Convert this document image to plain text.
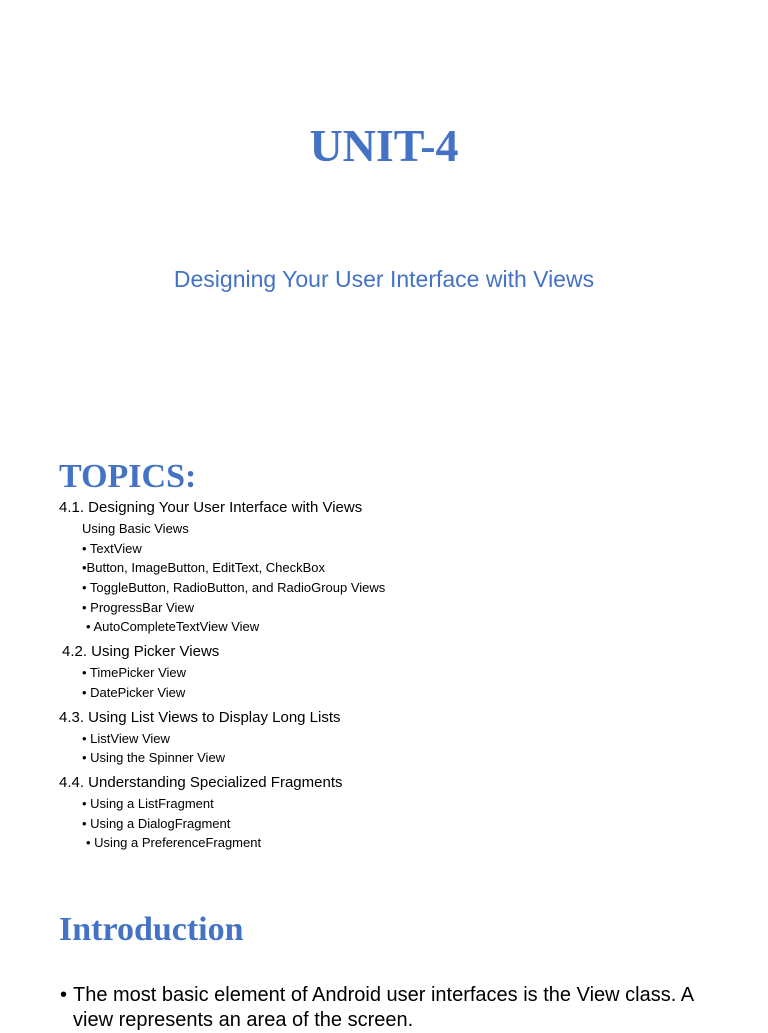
UNIT-4
Designing Your User Interface with Views
TOPICS:
4.1. Designing Your User Interface with Views
Using Basic Views
• TextView
•Button, ImageButton, EditText, CheckBox
• ToggleButton, RadioButton, and RadioGroup Views
• ProgressBar View
• AutoCompleteTextView View
4.2. Using Picker Views
• TimePicker View
• DatePicker View
4.3. Using List Views to Display Long Lists
• ListView View
• Using the Spinner View
4.4. Understanding Specialized Fragments
• Using a ListFragment
• Using a DialogFragment
• Using a PreferenceFragment
Introduction
• The most basic element of Android user interfaces is the View class. A view represents an area of the screen.
